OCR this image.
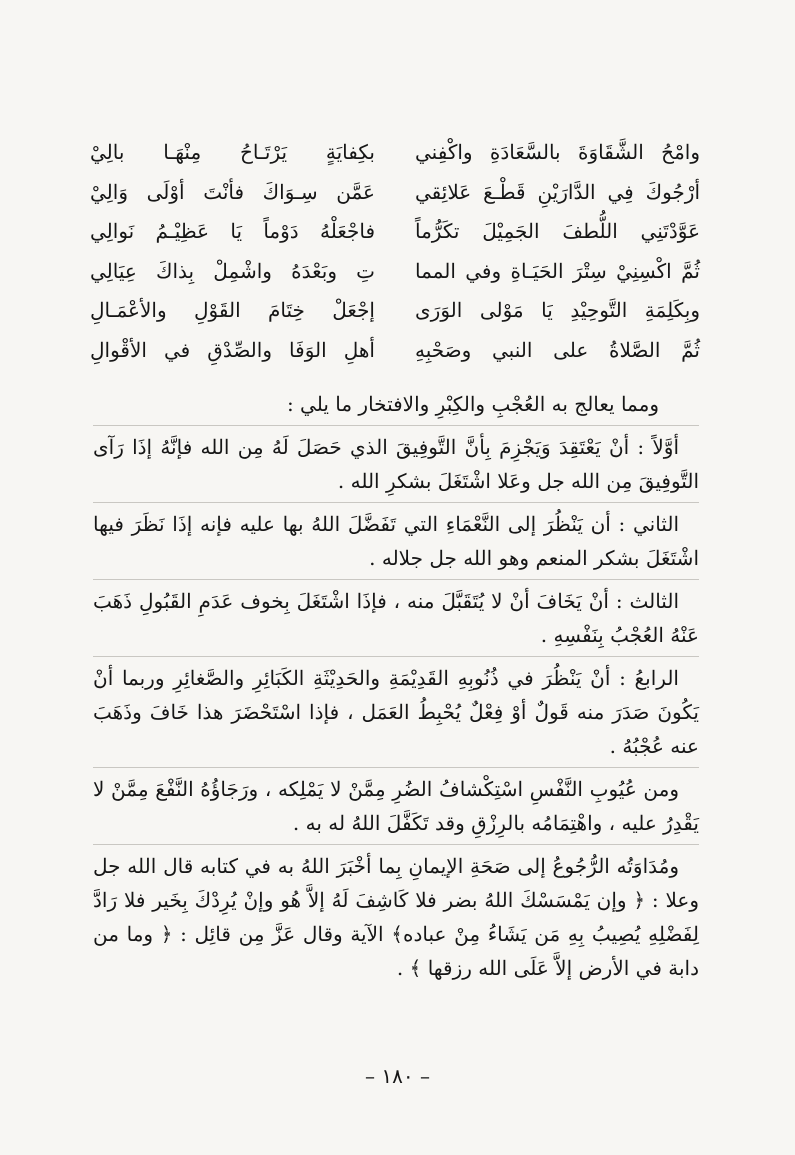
وامْحُ الشَّقَاوَةَ بالسَّعَادَةِ واكْفِني
بكِفايَةٍ يَرْتَـاحُ مِنْهَـا بالِيْ
أرْجُوكَ فِي الدَّارَيْنِ قَطْـعَ عَلائِقي
عَمَّن سِـوَاكَ فأنْتَ أوْلَى وَالِيْ
عَوَّدْتَنِي اللُّطفَ الجَمِيْلَ تكَرُّماً
فاجْعَلْهُ دَوْماً يَا عَظِيْـمُ نَوالِي
ثُمَّ اكْسِنِيْ سِتْرَ الحَيَـاةِ وفي المما
تِ وبَعْدَهُ واشْمِلْ بِذاكَ عِيَالِي
وبِكَلِمَةِ التَّوحِيْدِ يَا مَوْلى الوَرَى
إجْعَلْ خِتَامَ القَوْلِ والأعْمَـالِ
ثُمَّ الصَّلاةُ على النبي وصَحْبِهِ
أهلِ الوَفَا والصِّدْقِ في الأقْوالِ

ومما يعالج به العُجْبِ والكِبْرِ والافتخار ما يلي :

أوَّلاً : أنْ يَعْتَقِدَ وَيَجْزِمَ بِأنَّ التَّوفِيقَ الذي حَصَلَ لَهُ مِن الله فإنَّهُ إذَا رَآى التَّوفِيقَ مِن الله جل وعَلا اشْتَغَلَ بشكرِ الله .

الثاني : أن يَنْظُرَ إلى النَّعْمَاءِ التي تَفَضَّلَ اللهُ بها عليه فإنه إذَا نَظَرَ فيها اشْتَغَلَ بشكر المنعم وهو الله جل جلاله .

الثالث : أنْ يَخَافَ أنْ لا يُتَقَبَّلَ منه ، فإذَا اشْتَغَلَ بِخوف عَدَمِ القَبُولِ ذَهَبَ عَنْهُ العُجْبُ بِنَفْسِهِ .

الرابعُ : أنْ يَنْظُرَ في ذُنُوبِهِ القَدِيْمَةِ والحَدِيْثَةِ الكَبَائِرِ والصَّغائِرِ وربما أنْ يَكُونَ صَدَرَ منه قَولٌ أوْ فِعْلٌ يُحْبِطُ العَمَل ، فإذا اسْتَحْضَرَ هذا خَافَ وذَهَبَ عنه عُجْبُهُ .

ومن عُيُوبِ النَّفْسِ اسْتِكْشافُ الضُرِ مِمَّنْ لا يَمْلِكه ، ورَجَاؤُهُ النَّفْعَ مِمَّنْ لا يَقْدِرُ عليه ، واهْتِمَامُه بالرِزْقِ وقد تَكَفَّلَ اللهُ له به .

ومُدَاوَتُه الرُّجُوعُ إلى صَحَةِ الإيمانِ بِما أخْبَرَ اللهُ به في كتابه قال الله جل وعلا : ﴿ وإن يَمْسَسْكَ اللهُ بضر فلا كَاشِفَ لَهُ إلاَّ هُو وإنْ يُرِدْكَ بِخَير فلا رَادَّ لِفَضْلِهِ يُصِيبُ بِهِ مَن يَشَاءُ مِنْ عباده﴾ الآية وقال عَزَّ مِن قائِل : ﴿ وما من دابة في الأرض إلاَّ عَلَى الله رزقها ﴾ .

– ١٨٠ –
